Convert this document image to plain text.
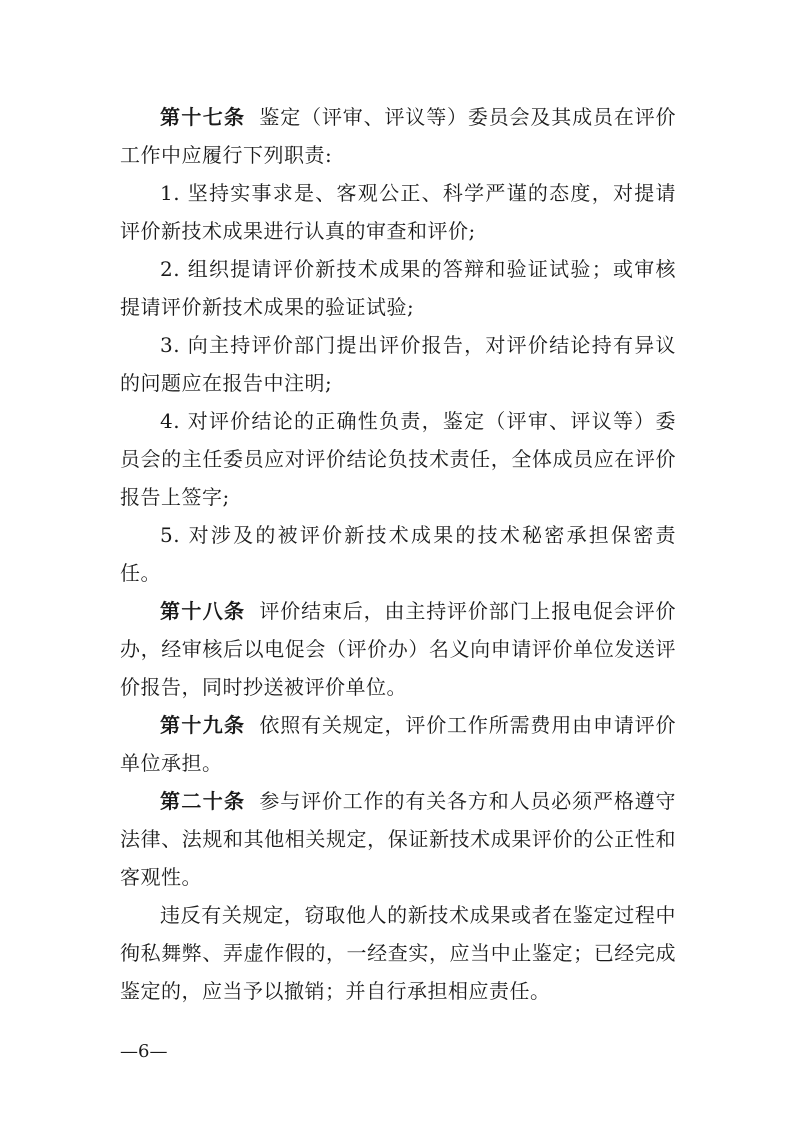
第十七条 鉴定（评审、评议等）委员会及其成员在评价工作中应履行下列职责:

1. 坚持实事求是、客观公正、科学严谨的态度，对提请评价新技术成果进行认真的审查和评价;

2. 组织提请评价新技术成果的答辩和验证试验；或审核提请评价新技术成果的验证试验;

3. 向主持评价部门提出评价报告，对评价结论持有异议的问题应在报告中注明;

4. 对评价结论的正确性负责，鉴定（评审、评议等）委员会的主任委员应对评价结论负技术责任，全体成员应在评价报告上签字;

5. 对涉及的被评价新技术成果的技术秘密承担保密责任。

第十八条 评价结束后，由主持评价部门上报电促会评价办，经审核后以电促会（评价办）名义向申请评价单位发送评价报告，同时抄送被评价单位。

第十九条 依照有关规定，评价工作所需费用由申请评价单位承担。

第二十条 参与评价工作的有关各方和人员必须严格遵守法律、法规和其他相关规定，保证新技术成果评价的公正性和客观性。

违反有关规定，窃取他人的新技术成果或者在鉴定过程中徇私舞弊、弄虚作假的，一经查实，应当中止鉴定；已经完成鉴定的，应当予以撤销；并自行承担相应责任。

—6—
